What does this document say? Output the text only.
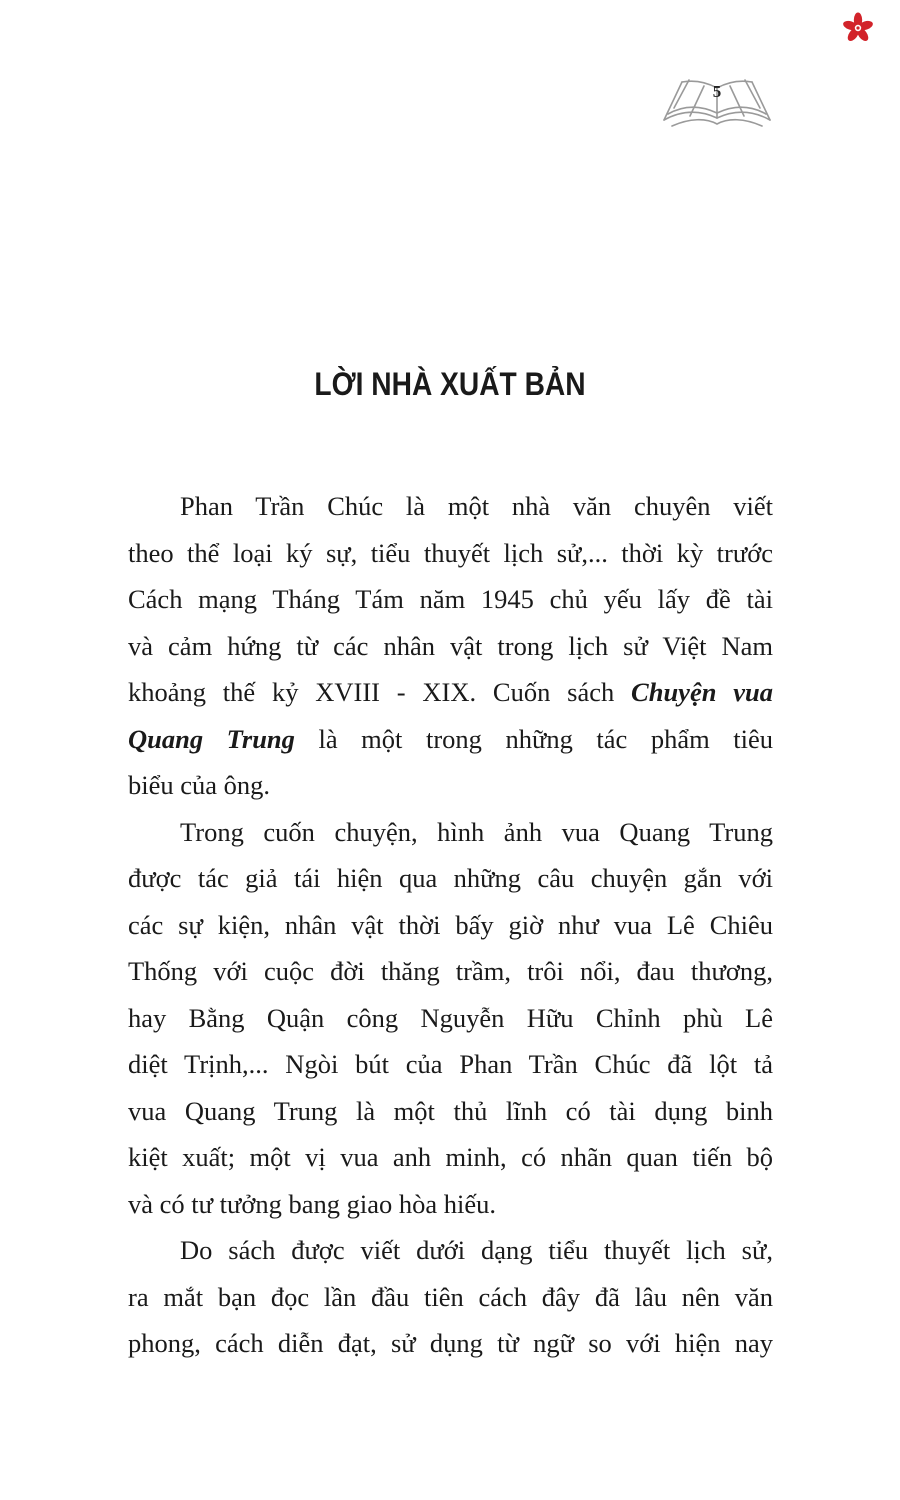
5
LỜI NHÀ XUẤT BẢN
Phan Trần Chúc là một nhà văn chuyên viết
theo thể loại ký sự, tiểu thuyết lịch sử,... thời kỳ trước
Cách mạng Tháng Tám năm 1945 chủ yếu lấy đề tài
và cảm hứng từ các nhân vật trong lịch sử Việt Nam
khoảng thế kỷ XVIII - XIX. Cuốn sách Chuyện vua
Quang Trung là một trong những tác phẩm tiêu
biểu của ông.
Trong cuốn chuyện, hình ảnh vua Quang Trung
được tác giả tái hiện qua những câu chuyện gắn với
các sự kiện, nhân vật thời bấy giờ như vua Lê Chiêu
Thống với cuộc đời thăng trầm, trôi nổi, đau thương,
hay Bằng Quận công Nguyễn Hữu Chỉnh phù Lê
diệt Trịnh,... Ngòi bút của Phan Trần Chúc đã lột tả
vua Quang Trung là một thủ lĩnh có tài dụng binh
kiệt xuất; một vị vua anh minh, có nhãn quan tiến bộ
và có tư tưởng bang giao hòa hiếu.
Do sách được viết dưới dạng tiểu thuyết lịch sử,
ra mắt bạn đọc lần đầu tiên cách đây đã lâu nên văn
phong, cách diễn đạt, sử dụng từ ngữ so với hiện nay
